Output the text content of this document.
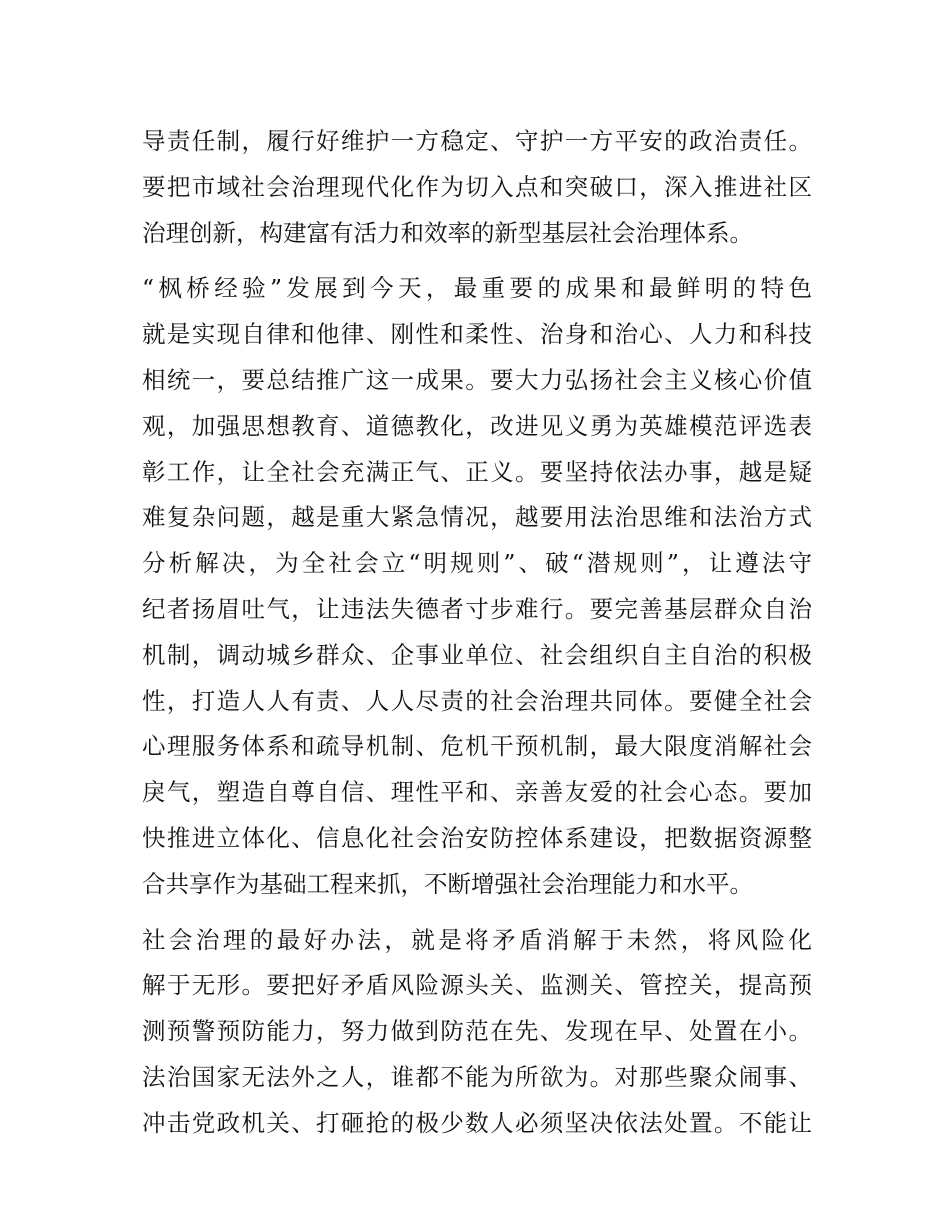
导责任制，履行好维护一方稳定、守护一方平安的政治责任。
要把市域社会治理现代化作为切入点和突破口，深入推进社区
治理创新，构建富有活力和效率的新型基层社会治理体系。
“枫桥经验”发展到今天，最重要的成果和最鲜明的特色
就是实现自律和他律、刚性和柔性、治身和治心、人力和科技
相统一，要总结推广这一成果。要大力弘扬社会主义核心价值
观，加强思想教育、道德教化，改进见义勇为英雄模范评选表
彰工作，让全社会充满正气、正义。要坚持依法办事，越是疑
难复杂问题，越是重大紧急情况，越要用法治思维和法治方式
分析解决，为全社会立“明规则”、破“潜规则”，让遵法守
纪者扬眉吐气，让违法失德者寸步难行。要完善基层群众自治
机制，调动城乡群众、企事业单位、社会组织自主自治的积极
性，打造人人有责、人人尽责的社会治理共同体。要健全社会
心理服务体系和疏导机制、危机干预机制，最大限度消解社会
戾气，塑造自尊自信、理性平和、亲善友爱的社会心态。要加
快推进立体化、信息化社会治安防控体系建设，把数据资源整
合共享作为基础工程来抓，不断增强社会治理能力和水平。
社会治理的最好办法，就是将矛盾消解于未然，将风险化
解于无形。要把好矛盾风险源头关、监测关、管控关，提高预
测预警预防能力，努力做到防范在先、发现在早、处置在小。
法治国家无法外之人，谁都不能为所欲为。对那些聚众闹事、
冲击党政机关、打砸抢的极少数人必须坚决依法处置。不能让
